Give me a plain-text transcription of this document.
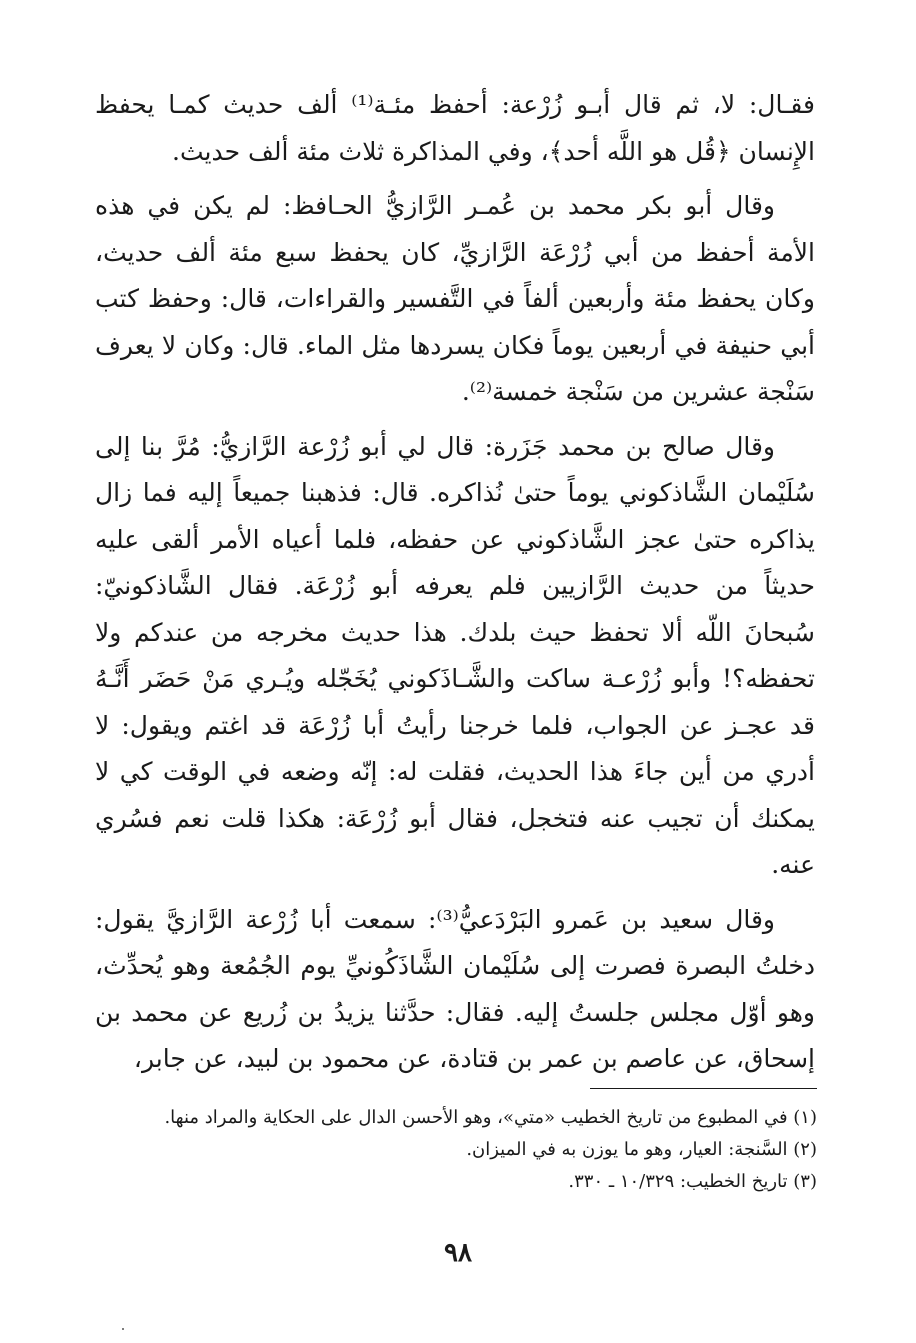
فقـال: لا، ثم قال أبـو زُرْعة: أحفظ مئـة⁽¹⁾ ألف حديث كمـا يحفظ الإِنسان ﴿قُل هو اللَّه أحد﴾، وفي المذاكرة ثلاث مئة ألف حديث.

وقال أبو بكر محمد بن عُمـر الرَّازيُّ الحـافظ: لم يكن في هذه الأمة أحفظ من أبي زُرْعَة الرَّازيِّ، كان يحفظ سبع مئة ألف حديث، وكان يحفظ مئة وأربعين ألفاً في التَّفسير والقراءات، قال: وحفظ كتب أبي حنيفة في أربعين يوماً فكان يسردها مثل الماء. قال: وكان لا يعرف سَنْجة عشرين من سَنْجة خمسة⁽²⁾.

وقال صالح بن محمد جَزَرة: قال لي أبو زُرْعة الرَّازيُّ: مُرَّ بنا إلى سُلَيْمان الشَّاذكوني يوماً حتىٰ نُذاكره. قال: فذهبنا جميعاً إليه فما زال يذاكره حتىٰ عجز الشَّاذكوني عن حفظه، فلما أعياه الأمر ألقى عليه حديثاً من حديث الرَّازيين فلم يعرفه أبو زُرْعَة. فقال الشَّاذكونيّ: سُبحانَ اللّه ألا تحفظ حيث بلدك. هذا حديث مخرجه من عندكم ولا تحفظه؟! وأبو زُرْعـة ساكت والشَّـاذَكوني يُخَجّله ويُـري مَنْ حَضَر أَنَّـهُ قد عجـز عن الجواب، فلما خرجنا رأيتُ أبا زُرْعَة قد اغتم ويقول: لا أدري من أين جاءَ هذا الحديث، فقلت له: إنّه وضعه في الوقت كي لا يمكنك أن تجيب عنه فتخجل، فقال أبو زُرْعَة: هكذا قلت نعم فسُري عنه.

وقال سعيد بن عَمرو البَرْدَعيُّ⁽³⁾: سمعت أبا زُرْعة الرَّازيَّ يقول: دخلتُ البصرة فصرت إلى سُلَيْمان الشَّاذَكُونيِّ يوم الجُمُعة وهو يُحدِّث، وهو أوّل مجلس جلستُ إليه. فقال: حدَّثنا يزيدُ بن زُريع عن محمد بن إسحاق، عن عاصم بن عمر بن قتادة، عن محمود بن لبيد، عن جابر،

(١) في المطبوع من تاريخ الخطيب «متي»، وهو الأحسن الدال على الحكاية والمراد منها.

(٢) السَّنجة: العيار، وهو ما يوزن به في الميزان.

(٣) تاريخ الخطيب: ١٠/٣٢٩ ـ ٣٣٠.

٩٨
